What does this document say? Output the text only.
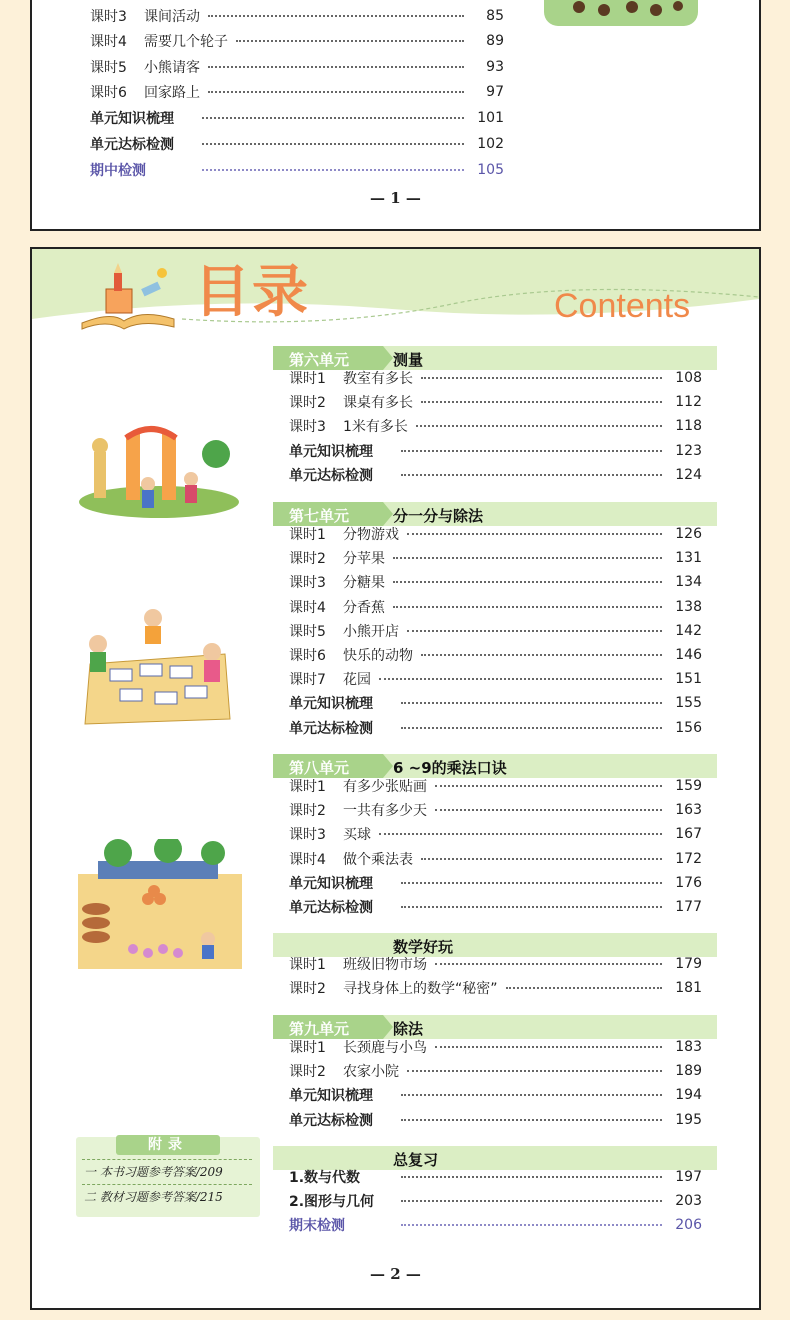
课时3	课间活动	85
课时4	需要几个轮子	89
课时5	小熊请客	93
课时6	回家路上	97
单元知识梳理	101
单元达标检测	102
期中检测	105
— 1 —
目录	Contents
第六单元	测量
课时1	教室有多长	108
课时2	课桌有多长	112
课时3	1米有多长	118
单元知识梳理	123
单元达标检测	124
第七单元	分一分与除法
课时1	分物游戏	126
课时2	分苹果	131
课时3	分糖果	134
课时4	分香蕉	138
课时5	小熊开店	142
课时6	快乐的动物	146
课时7	花园	151
单元知识梳理	155
单元达标检测	156
第八单元	6 ~9的乘法口诀
课时1	有多少张贴画	159
课时2	一共有多少天	163
课时3	买球	167
课时4	做个乘法表	172
单元知识梳理	176
单元达标检测	177
数学好玩
课时1	班级旧物市场	179
课时2	寻找身体上的数学“秘密”	181
第九单元	除法
课时1	长颈鹿与小鸟	183
课时2	农家小院	189
单元知识梳理	194
单元达标检测	195
总复习
1.数与代数	197
2.图形与几何	203
期末检测	206
附录
一 本书习题参考答案/209
二 教材习题参考答案/215
— 2 —
